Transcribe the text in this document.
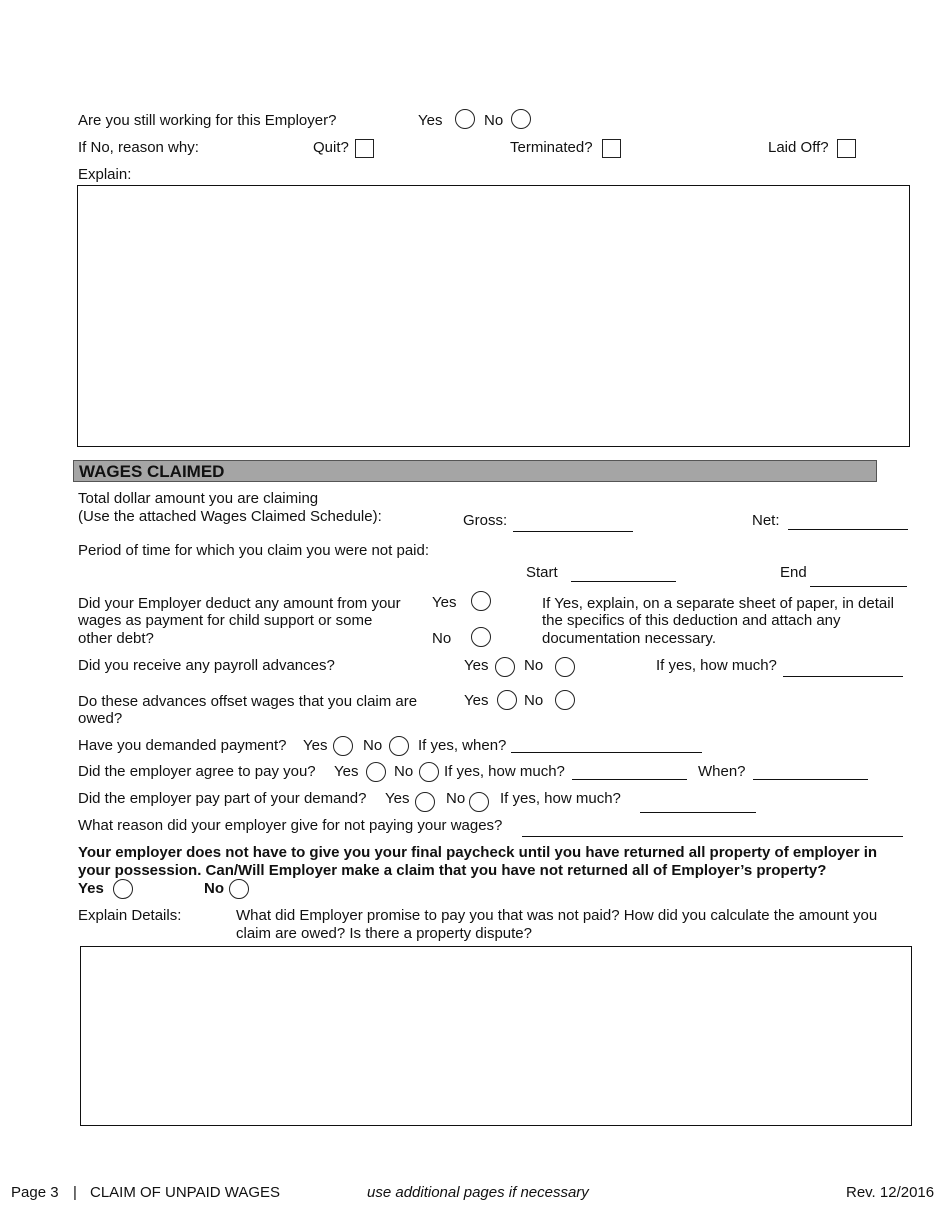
Are you still working for this Employer?	Yes	No
If No, reason why:	Quit?	Terminated?	Laid Off?
Explain:
WAGES CLAIMED
Total dollar amount you are claiming
(Use the attached Wages Claimed Schedule):	Gross:	Net:
Period of time for which you claim you were not paid:
Start	End
Did your Employer deduct any amount from your
wages as payment for child support or some
other debt?
Yes
No
If Yes, explain, on a separate sheet of paper, in detail
the specifics of this deduction and attach any
documentation necessary.
Did you receive any payroll advances?	Yes No	If yes, how much?
Do these advances offset wages that you claim are
owed?
Yes No
Have you demanded payment? Yes No If yes, when?
Did the employer agree to pay you? Yes No If yes, how much?	When?
Did the employer pay part of your demand? Yes No If yes, how much?
What reason did your employer give for not paying your wages?
Your employer does not have to give you your final paycheck until you have returned all property of employer in
your possession. Can/Will Employer make a claim that you have not returned all of Employer’s property?
Yes	No
Explain Details:	What did Employer promise to pay you that was not paid? How did you calculate the amount you
claim are owed? Is there a property dispute?
Page 3 | CLAIM OF UNPAID WAGES	use additional pages if necessary	Rev. 12/2016
